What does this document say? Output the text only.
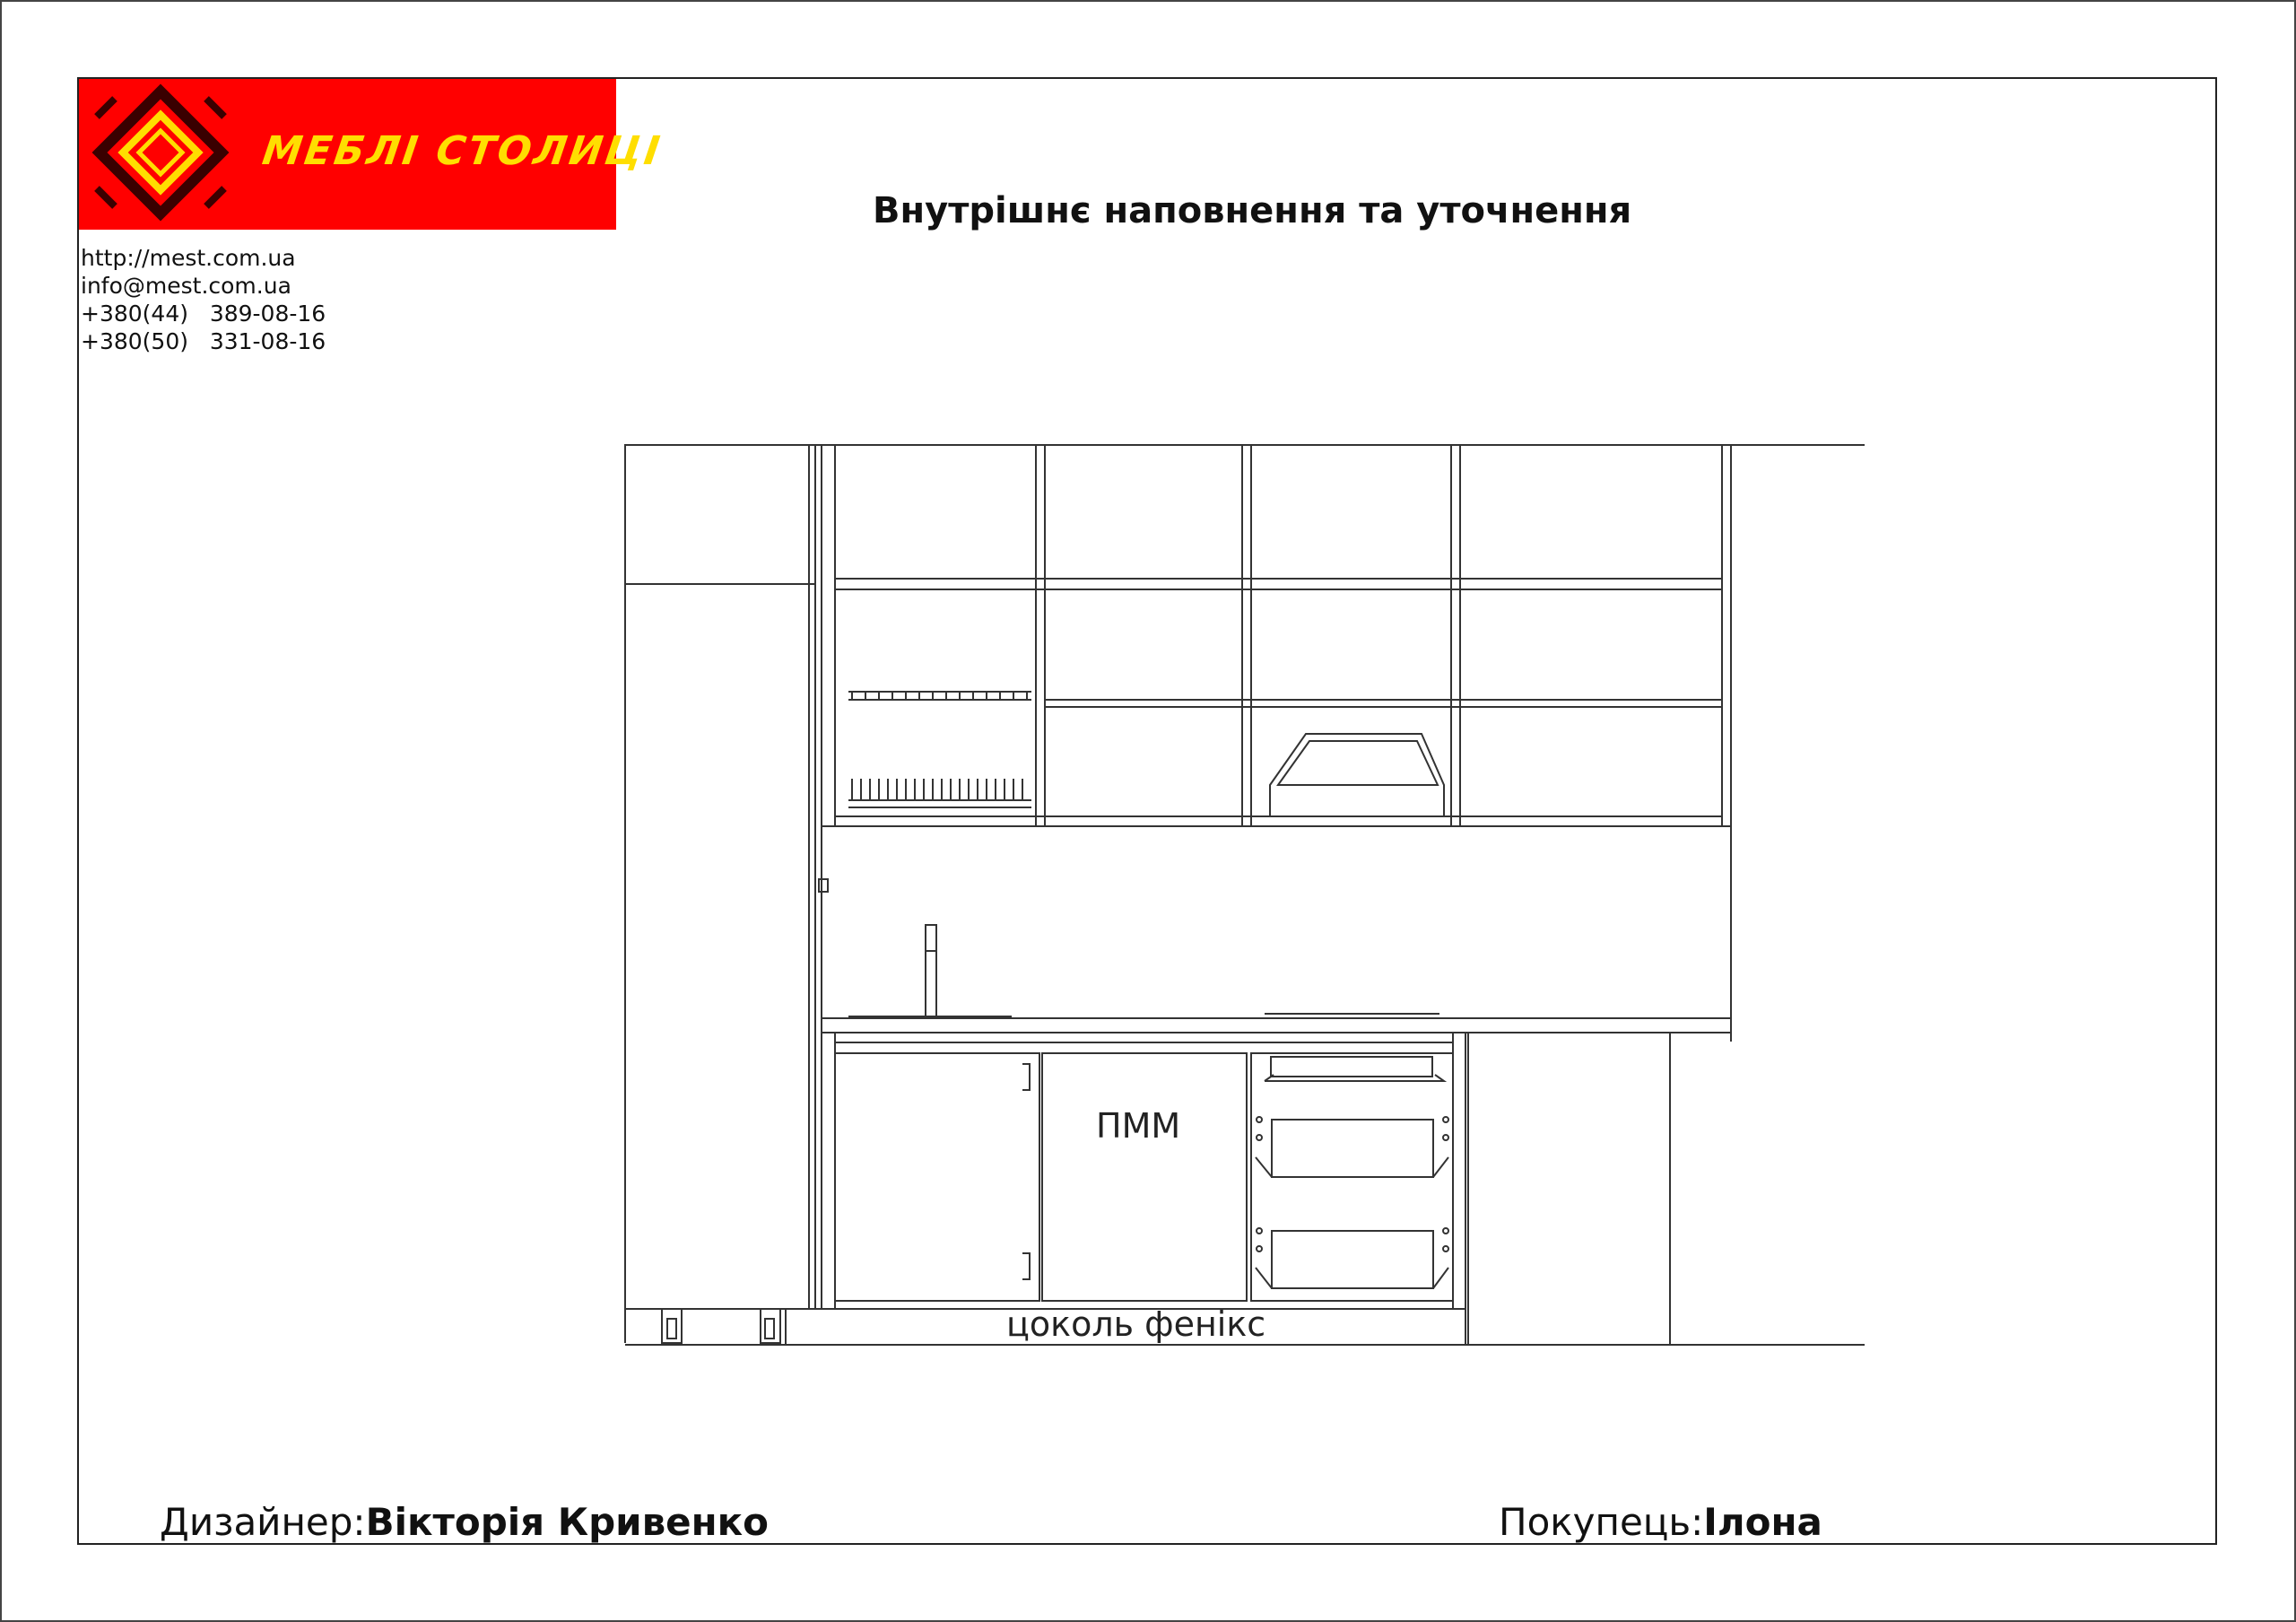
МЕБЛІ СТОЛИЦІ
http://mest.com.ua
info@mest.com.ua
+380(44)   389-08-16
+380(50)   331-08-16
Внутрішнє наповнення та уточнення
ПММ
цоколь фенікс
Дизайнер:Вікторія Кривенко	Покупець:Ілона
